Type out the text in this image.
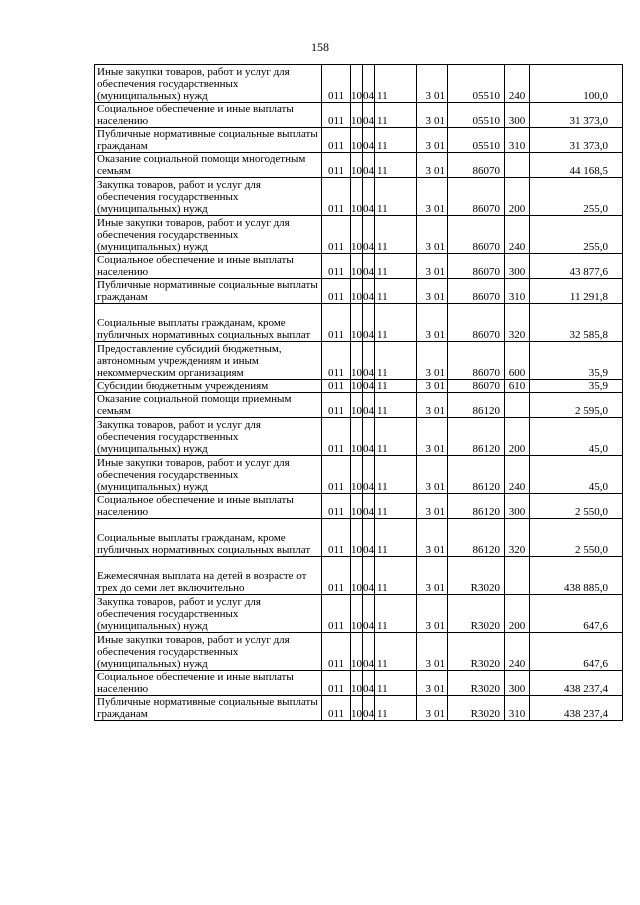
158
Иные закупки товаров, работ и услуг для обеспечения государственных (муниципальных) нужд	011	10	04	11	3 01	05510	240	100,0
Социальное обеспечение и иные выплаты населению	011	10	04	11	3 01	05510	300	31 373,0
Публичные нормативные социальные выплаты гражданам	011	10	04	11	3 01	05510	310	31 373,0
Оказание социальной помощи многодетным семьям	011	10	04	11	3 01	86070		44 168,5
Закупка товаров, работ и услуг для обеспечения государственных (муниципальных) нужд	011	10	04	11	3 01	86070	200	255,0
Иные закупки товаров, работ и услуг для обеспечения государственных (муниципальных) нужд	011	10	04	11	3 01	86070	240	255,0
Социальное обеспечение и иные выплаты населению	011	10	04	11	3 01	86070	300	43 877,6
Публичные нормативные социальные выплаты гражданам	011	10	04	11	3 01	86070	310	11 291,8
Социальные выплаты гражданам, кроме публичных нормативных социальных выплат	011	10	04	11	3 01	86070	320	32 585,8
Предоставление субсидий бюджетным, автономным учреждениям и иным некоммерческим организациям	011	10	04	11	3 01	86070	600	35,9
Субсидии бюджетным учреждениям	011	10	04	11	3 01	86070	610	35,9
Оказание социальной помощи приемным семьям	011	10	04	11	3 01	86120		2 595,0
Закупка товаров, работ и услуг для обеспечения государственных (муниципальных) нужд	011	10	04	11	3 01	86120	200	45,0
Иные закупки товаров, работ и услуг для обеспечения государственных (муниципальных) нужд	011	10	04	11	3 01	86120	240	45,0
Социальное обеспечение и иные выплаты населению	011	10	04	11	3 01	86120	300	2 550,0
Социальные выплаты гражданам, кроме публичных нормативных социальных выплат	011	10	04	11	3 01	86120	320	2 550,0
Ежемесячная выплата на детей в возрасте от трех до семи лет включительно	011	10	04	11	3 01	R3020		438 885,0
Закупка товаров, работ и услуг для обеспечения государственных (муниципальных) нужд	011	10	04	11	3 01	R3020	200	647,6
Иные закупки товаров, работ и услуг для обеспечения государственных (муниципальных) нужд	011	10	04	11	3 01	R3020	240	647,6
Социальное обеспечение и иные выплаты населению	011	10	04	11	3 01	R3020	300	438 237,4
Публичные нормативные социальные выплаты гражданам	011	10	04	11	3 01	R3020	310	438 237,4
